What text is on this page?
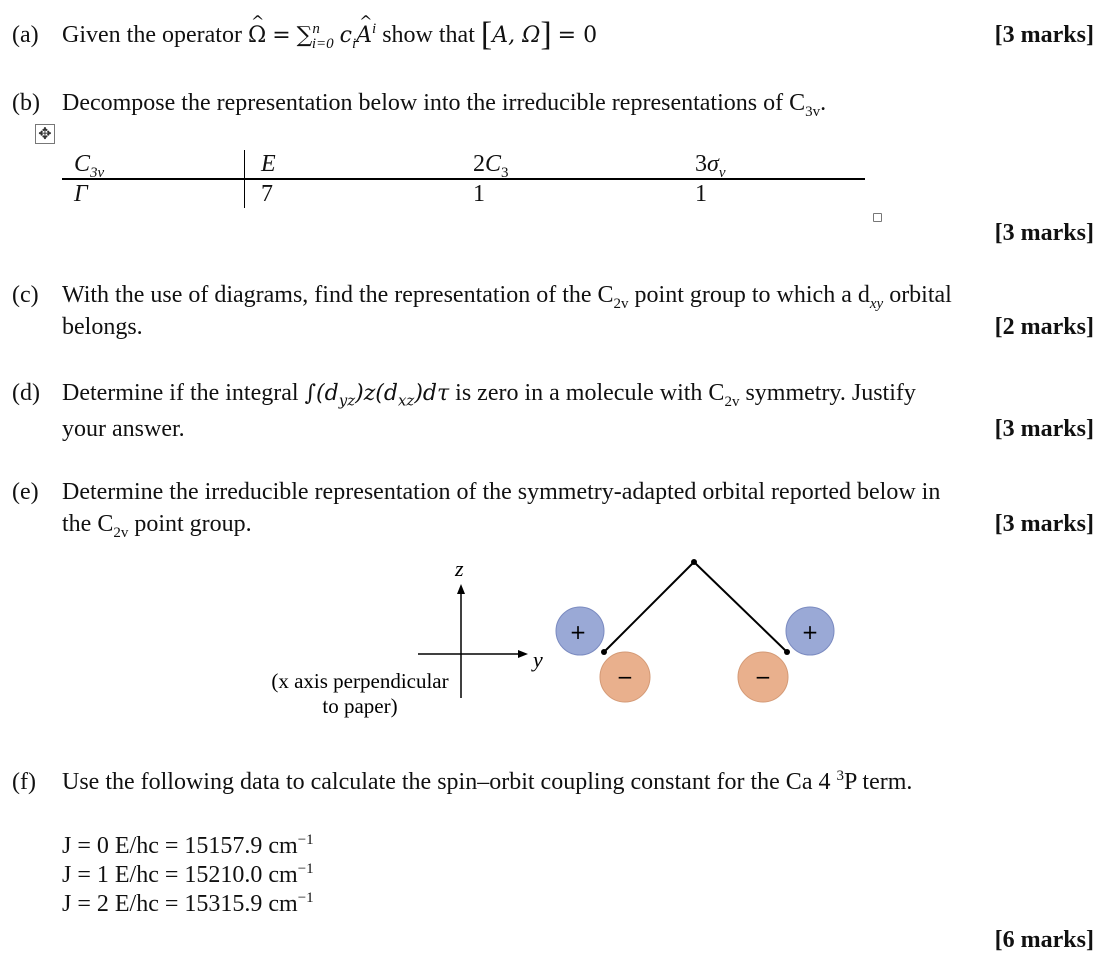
(a) Given the operator ^ Ω = ∑$^n_{i=0}$ $c_i\^{}$ $A^i$ show that [A, Ω] = 0	[3 marks]
(b) Decompose the representation below into the irreducible representations of $C_{3v}$.
✥
$C_{3v}$	E	$2C_3$	$3\sigma_v$
Γ	7	1	1
[3 marks]
(c) With the use of diagrams, find the representation of the $C_{2v}$ point group to which a $d_{xy}$ orbital
belongs.	[2 marks]
(d) Determine if the integral $\int(d_{yz})z(d_{xz})d\tau$ is zero in a molecule with $C_{2v}$ symmetry. Justify
your answer.	[3 marks]
(e) Determine the irreducible representation of the symmetry-adapted orbital reported below in
the $C_{2v}$ point group.	[3 marks]
z
y
(x axis perpendicular
to paper)
+	+
−	−
(f) Use the following data to calculate the spin–orbit coupling constant for the Ca 4 $^3$P term.
J = 0 E/hc = 15157.9 $cm^{-1}$
J = 1 E/hc = 15210.0 $cm^{-1}$
J = 2 E/hc = 15315.9 $cm^{-1}$
[6 marks]
